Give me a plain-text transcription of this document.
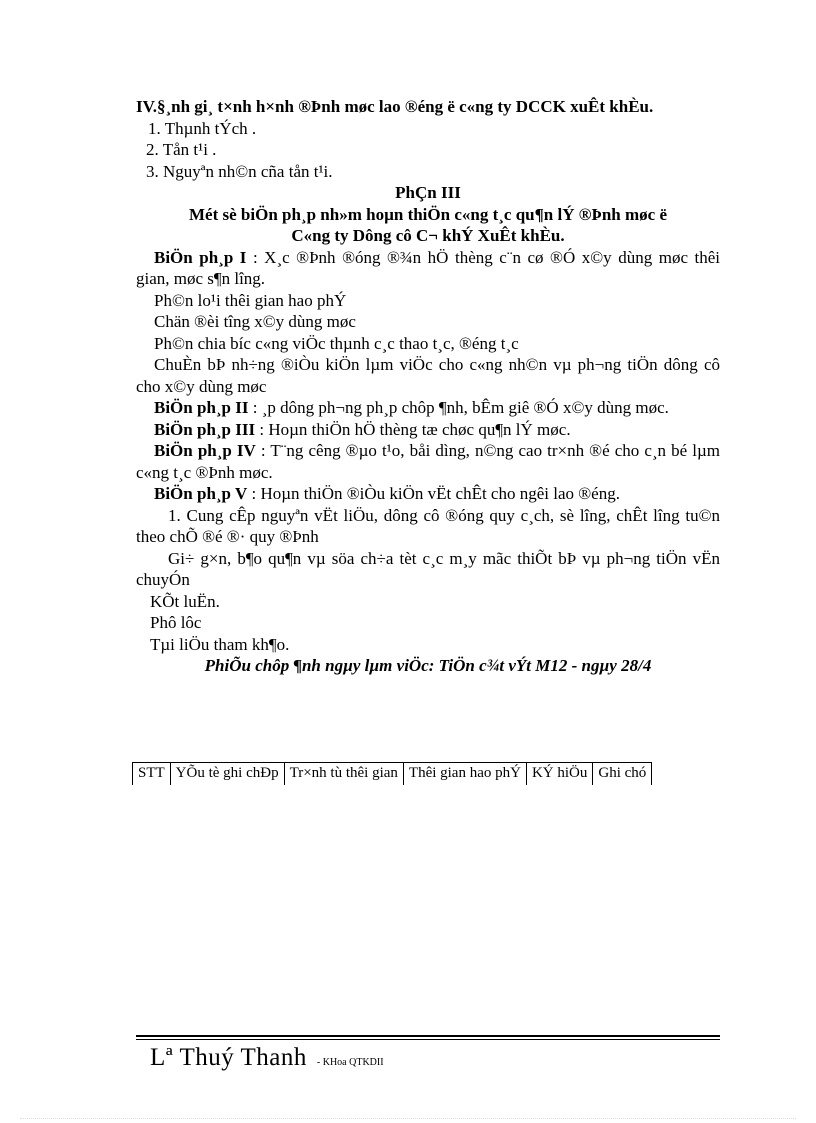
IV.§¸nh gi¸ t×nh h×nh ®Þnh møc lao ®éng ë c«ng ty DCCK xuÊt khÈu.

1. Thµnh tÝch .

2. Tån t¹i .

3. Nguyªn nh©n cña tån t¹i.

PhÇn III

Mét sè biÖn ph¸p nh»m hoµn thiÖn c«ng t¸c qu¶n lÝ ®Þnh møc ë

C«ng ty Dông cô C¬ khÝ XuÊt khÈu.

BiÖn ph¸p I : X¸c ®Þnh ®óng ®¾n hÖ thèng c¨n cø ®Ó x©y dùng møc thêi gian, møc s¶n lîng.

Ph©n lo¹i thêi gian hao phÝ

Chän ®èi tîng x©y dùng møc

Ph©n chia bíc c«ng viÖc thµnh c¸c thao t¸c, ®éng t¸c

ChuÈn bÞ nh÷ng ®iÒu kiÖn lµm viÖc cho c«ng nh©n vµ ph¬ng tiÖn dông cô cho x©y dùng møc

BiÖn ph¸p II : ¸p dông ph¬ng ph¸p chôp ¶nh, bÊm giê ®Ó x©y dùng møc.

BiÖn ph¸p III : Hoµn thiÖn hÖ thèng tæ chøc qu¶n lÝ møc.

BiÖn ph¸p IV : T¨ng cêng ®µo t¹o, båi dìng, n©ng cao tr×nh ®é cho c¸n bé lµm c«ng t¸c ®Þnh møc.

BiÖn ph¸p V : Hoµn thiÖn ®iÒu kiÖn vËt chÊt cho ngêi lao ®éng.

1. Cung cÊp nguyªn vËt liÖu, dông cô ®óng quy c¸ch, sè lîng, chÊt lîng tu©n theo chÕ ®é ®· quy ®Þnh

Gi÷ g×n, b¶o qu¶n vµ söa ch÷a tèt c¸c m¸y mãc thiÕt bÞ vµ ph¬ng tiÖn vËn chuyÓn

KÕt luËn.

Phô lôc

Tµi liÖu tham kh¶o.

PhiÕu chôp ¶nh ngµy lµm viÖc: TiÖn c¾t vÝt M12 - ngµy 28/4

STT	YÕu tè ghi chÐp	Tr×nh tù thêi gian	Thêi gian hao phÝ	KÝ hiÖu	Ghi chó
Lª Thuý Thanh - KHoa QTKDII
